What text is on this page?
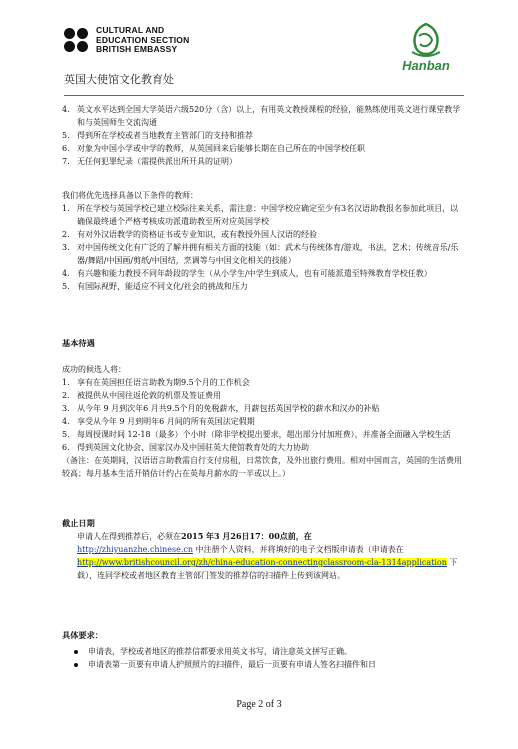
CULTURAL AND
EDUCATION SECTION
BRITISH EMBASSY
英国大使馆文化教育处
Hanban
4. 英文水平达到全国大学英语六级520分（含）以上，有用英文教授课程的经验，能熟练使用英文进行课堂教学和与英国师生交流沟通
5. 得到所在学校或者当地教育主管部门的支持和推荐
6. 对象为中国小学或中学的教师，从英国回来后能够长期在自己所在的中国学校任职
7. 无任何犯罪纪录（需提供派出所开具的证明）

我们将优先选择具备以下条件的教师：

1. 所在学校与英国学校已建立校际往来关系，需注意：中国学校应确定至少有3名汉语助教报名参加此项目，以确保最终通个严格考核成功派遣助教至所对应英国学校
2. 有对外汉语教学的资格证书或专业知识，或有教授外国人汉语的经验
3. 对中国传统文化有广泛的了解并拥有相关方面的技能（如：武术与传统体育/游戏，书法，艺术；传统音乐/乐器/舞蹈/中国画/剪纸/中国结，烹调等与中国文化相关的技能）
4. 有兴趣和能力教授不同年龄段的学生（从小学生/中学生到成人，也有可能派遣至特殊教育学校任教）
5. 有国际视野，能适应不同文化/社会的挑战和压力
基本待遇

成功的候选人将：

1. 享有在英国担任语言助教为期9.5个月的工作机会
2. 被提供从中国往返伦敦的机票及签证费用
3. 从今年 9 月到次年6 月共9.5个月的免税薪水，月薪包括英国学校的薪水和汉办的补贴
4. 享受从今年 9 月到明年6 月间的所有英国法定假期
5. 每周授课时间 12-18（最多）个小时（除非学校提出要求，超出部分付加班费），并准备全面融入学校生活
6. 得到英国文化协会、国家汉办及中国驻英大使馆教育处的大力协助

（备注：在英期间，汉语语言助教需自行支付房租，日常饮食，及外出旅行费用。相对中国而言，英国的生活费用较高；每月基本生活开销估计约占在英每月薪水的一半或以上。）

截止日期

申请人在得到推荐后，必须在2015 年3 月26日17：00点前，在
http://zhiyuanzhe.chinese.cn 中注册个人资料，并将填好的电子文档版申请表（申请表在
http://www.britishcouncil.org/zh/china-education-connectingclassroom-cla-1314application 下载），连同学校或者地区教育主管部门签发的推荐信的扫描件上传到该网站。

具体要求：
申请表，学校或者地区的推荐信都要求用英文书写，请注意英文拼写正确。
申请表第一页要有申请人护照照片的扫描件，最后一页要有申请人签名扫描件和日
Page 2 of 3
